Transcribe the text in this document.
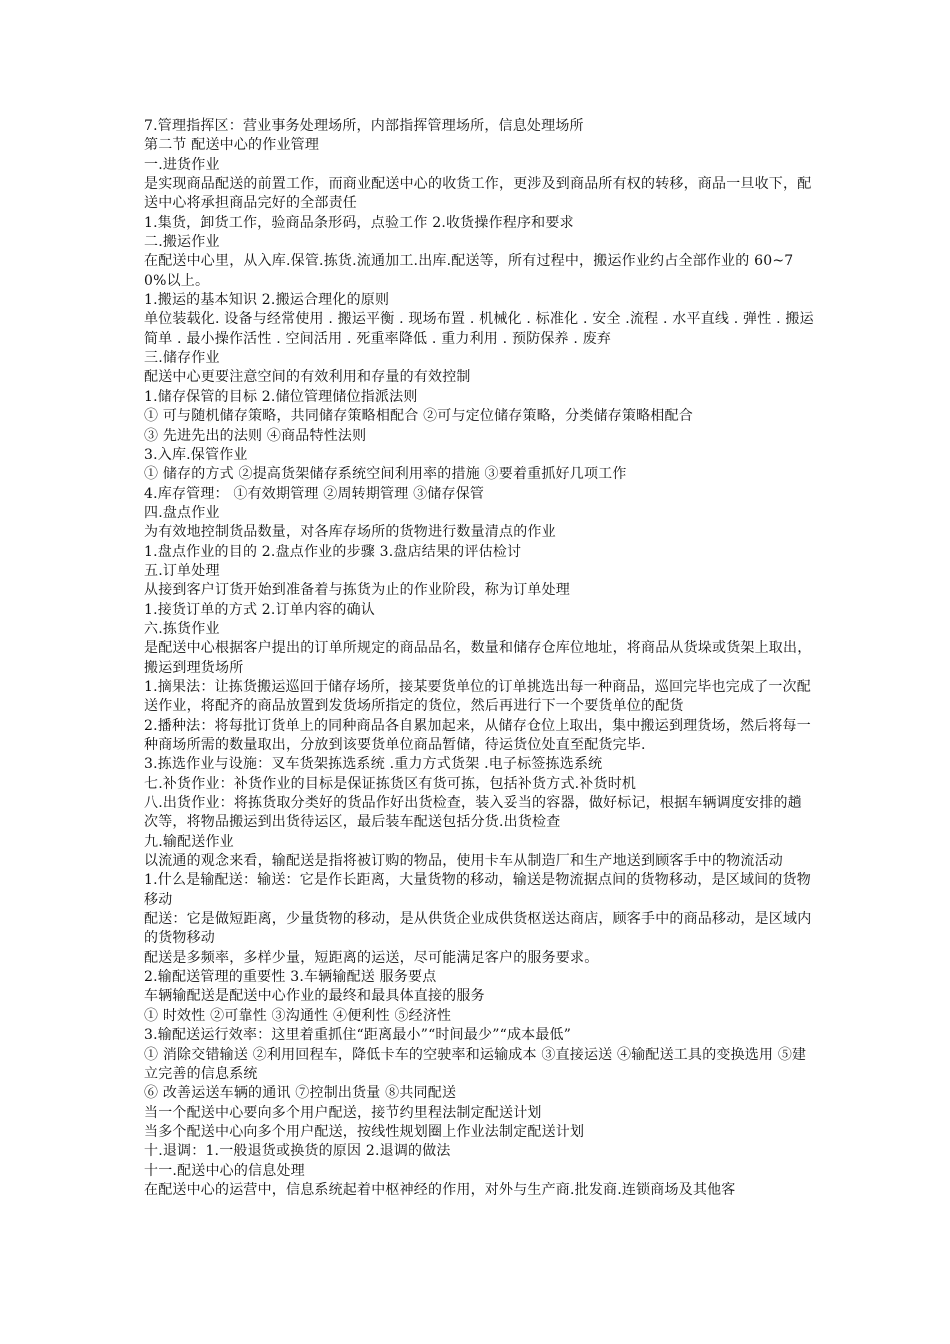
7.管理指挥区：营业事务处理场所，内部指挥管理场所，信息处理场所

第二节 配送中心的作业管理

一.进货作业

是实现商品配送的前置工作，而商业配送中心的收货工作，更涉及到商品所有权的转移，商品一旦收下，配送中心将承担商品完好的全部责任

1.集货，卸货工作，验商品条形码，点验工作 2.收货操作程序和要求

二.搬运作业

在配送中心里，从入库.保管.拣货.流通加工.出库.配送等，所有过程中，搬运作业约占全部作业的 60~70%以上。

1.搬运的基本知识 2.搬运合理化的原则

单位装载化. 设备与经常使用 . 搬运平衡 . 现场布置 . 机械化 . 标准化 . 安全 .流程 . 水平直线 . 弹性 . 搬运简单 . 最小操作活性 . 空间活用 . 死重率降低 . 重力利用 . 预防保养 . 废弃

三.储存作业

配送中心更要注意空间的有效利用和存量的有效控制

1.储存保管的目标 2.储位管理储位指派法则

① 可与随机储存策略，共同储存策略相配合 ②可与定位储存策略，分类储存策略相配合

③ 先进先出的法则 ④商品特性法则

3.入库.保管作业

① 储存的方式 ②提高货架储存系统空间利用率的措施 ③要着重抓好几项工作

4.库存管理： ①有效期管理 ②周转期管理 ③储存保管

四.盘点作业

为有效地控制货品数量，对各库存场所的货物进行数量清点的作业

1.盘点作业的目的 2.盘点作业的步骤 3.盘店结果的评估检讨

五.订单处理

从接到客户订货开始到准备着与拣货为止的作业阶段，称为订单处理

1.接货订单的方式 2.订单内容的确认

六.拣货作业

是配送中心根据客户提出的订单所规定的商品品名，数量和储存仓库位地址，将商品从货垛或货架上取出，搬运到理货场所

1.摘果法：让拣货搬运巡回于储存场所，接某要货单位的订单挑选出每一种商品，巡回完毕也完成了一次配送作业，将配齐的商品放置到发货场所指定的货位，然后再进行下一个要货单位的配货

2.播种法：将每批订货单上的同种商品各自累加起来，从储存仓位上取出，集中搬运到理货场，然后将每一种商场所需的数量取出，分放到该要货单位商品暂储，待运货位处直至配货完毕.

3.拣选作业与设施：叉车货架拣选系统 .重力方式货架 .电子标签拣选系统

七.补货作业：补货作业的目标是保证拣货区有货可拣，包括补货方式.补货时机

八.出货作业：将拣货取分类好的货品作好出货检查，装入妥当的容器，做好标记，根据车辆调度安排的趟次等，将物品搬运到出货待运区，最后装车配送包括分货.出货检查

九.输配送作业

以流通的观念来看，输配送是指将被订购的物品，使用卡车从制造厂和生产地送到顾客手中的物流活动

1.什么是输配送：输送：它是作长距离，大量货物的移动，输送是物流据点间的货物移动，是区域间的货物移动

配送：它是做短距离，少量货物的移动，是从供货企业成供货枢送达商店，顾客手中的商品移动，是区域内的货物移动

配送是多频率，多样少量，短距离的运送，尽可能满足客户的服务要求。

2.输配送管理的重要性 3.车辆输配送 服务要点

车辆输配送是配送中心作业的最终和最具体直接的服务

① 时效性 ②可靠性 ③沟通性 ④便利性 ⑤经济性

3.输配送运行效率：这里着重抓住“距离最小”“时间最少”“成本最低”

① 消除交错输送 ②利用回程车，降低卡车的空驶率和运输成本 ③直接运送 ④输配送工具的变换选用 ⑤建立完善的信息系统

⑥ 改善运送车辆的通讯 ⑦控制出货量 ⑧共同配送

当一个配送中心要向多个用户配送，接节约里程法制定配送计划

当多个配送中心向多个用户配送，按线性规划圈上作业法制定配送计划

十.退调：1.一般退货或换货的原因 2.退调的做法

十一.配送中心的信息处理

在配送中心的运营中，信息系统起着中枢神经的作用，对外与生产商.批发商.连锁商场及其他客
